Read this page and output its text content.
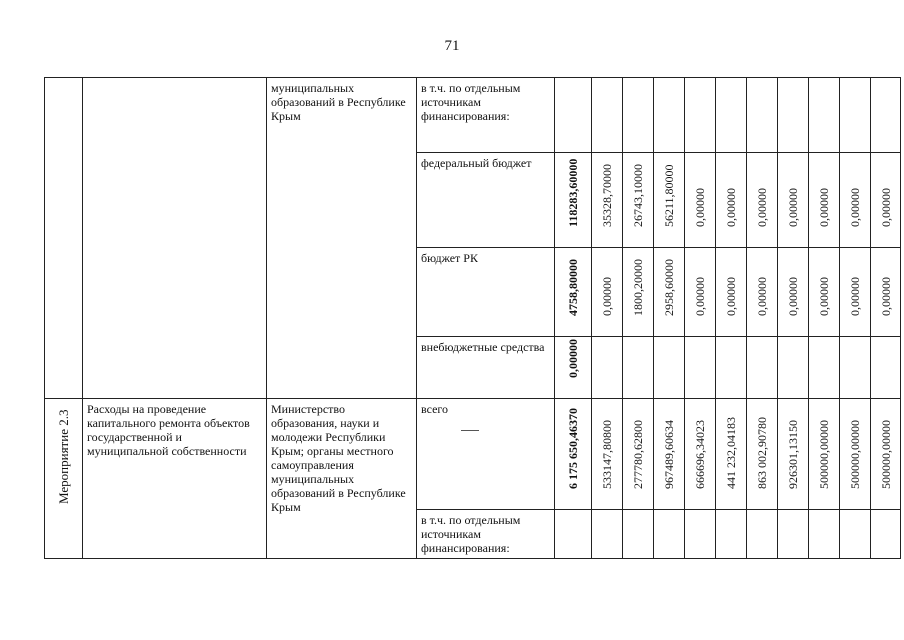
71
		муниципальных образований в Республике Крым	в т.ч. по отдельным источникам финансирования:	

			федеральный бюджет	118283,60000	35328,70000	26743,10000	56211,80000	0,00000	0,00000	0,00000	0,00000	0,00000	0,00000	0,00000

			бюджет РК	4758,80000	0,00000	1800,20000	2958,60000	0,00000	0,00000	0,00000	0,00000	0,00000	0,00000	0,00000

			внебюджетные средства	0,00000										

Мероприятие 2.3	Расходы на проведение капитального ремонта объектов государственной и муниципальной собственности	Министерство образования, науки и молодежи Республики Крым; органы местного самоуправления муниципальных образований в Республике Крым	всего	6 175 650,46370	533147,80800	277780,62800	967489,60634	666696,34023	441 232,04183	863 002,90780	926301,13150	500000,00000	500000,00000	500000,00000

			в т.ч. по отдельным источникам финансирования:											
